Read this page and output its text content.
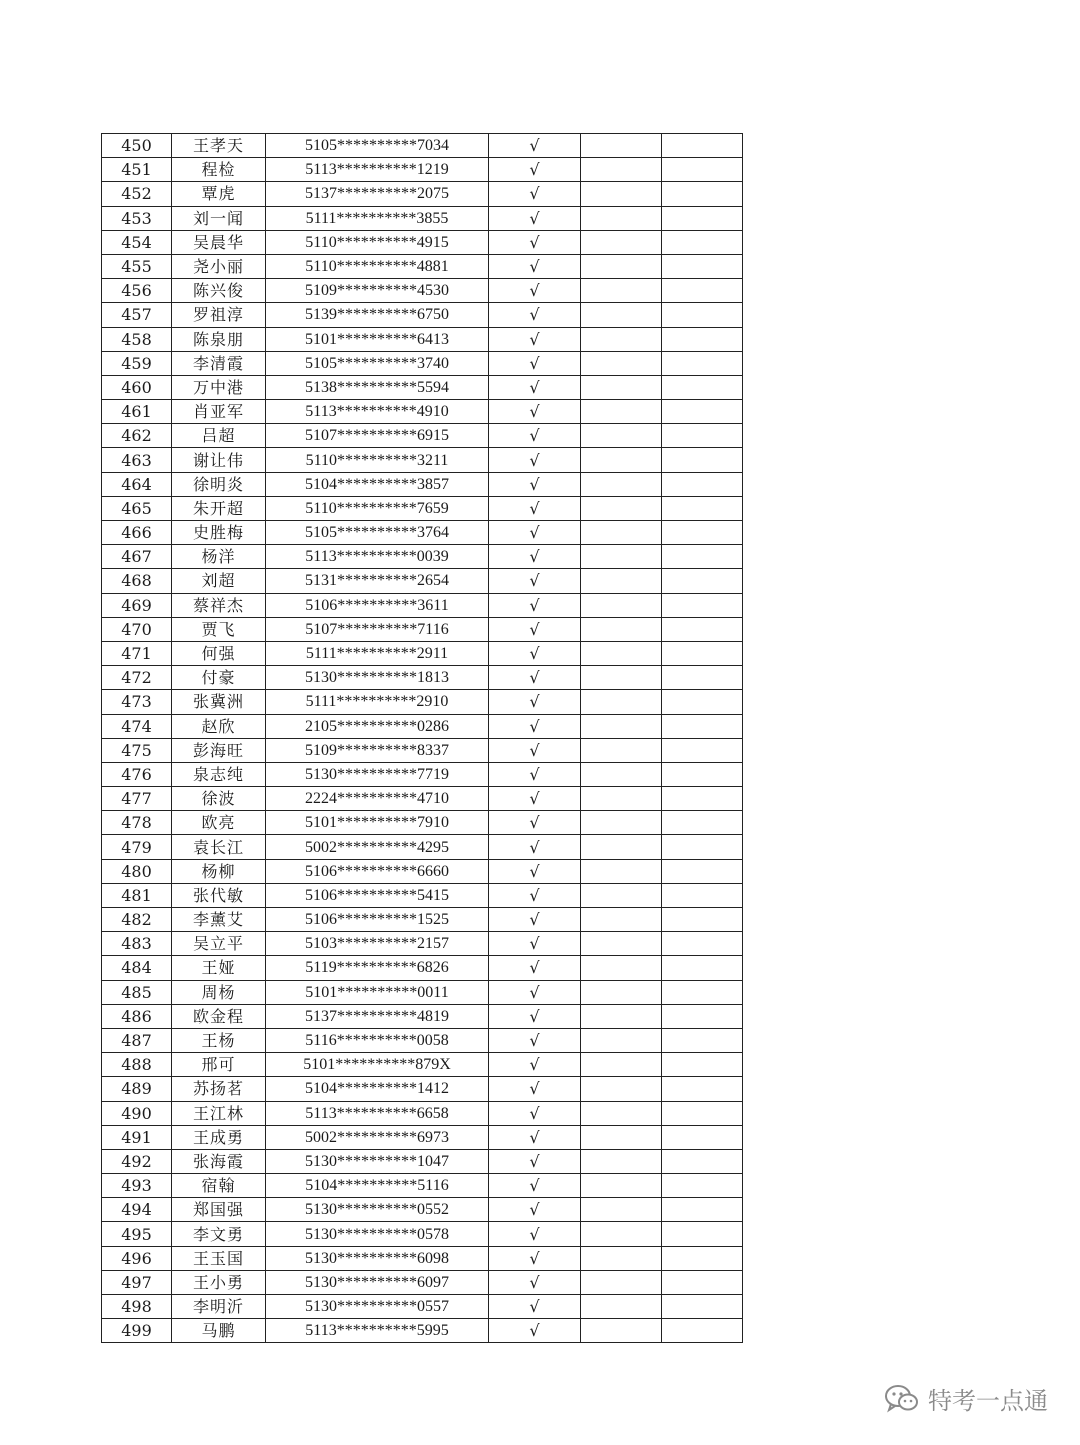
450	王孝天	5105**********7034	√		
451	程检	5113**********1219	√		
452	覃虎	5137**********2075	√		
453	刘一闻	5111**********3855	√		
454	吴晨华	5110**********4915	√		
455	尧小丽	5110**********4881	√		
456	陈兴俊	5109**********4530	√		
457	罗祖淳	5139**********6750	√		
458	陈泉朋	5101**********6413	√		
459	李清霞	5105**********3740	√		
460	万中港	5138**********5594	√		
461	肖亚军	5113**********4910	√		
462	吕超	5107**********6915	√		
463	谢让伟	5110**********3211	√		
464	徐明炎	5104**********3857	√		
465	朱开超	5110**********7659	√		
466	史胜梅	5105**********3764	√		
467	杨洋	5113**********0039	√		
468	刘超	5131**********2654	√		
469	蔡祥杰	5106**********3611	√		
470	贾飞	5107**********7116	√		
471	何强	5111**********2911	√		
472	付豪	5130**********1813	√		
473	张冀洲	5111**********2910	√		
474	赵欣	2105**********0286	√		
475	彭海旺	5109**********8337	√		
476	泉志纯	5130**********7719	√		
477	徐波	2224**********4710	√		
478	欧亮	5101**********7910	√		
479	袁长江	5002**********4295	√		
480	杨柳	5106**********6660	√		
481	张代敏	5106**********5415	√		
482	李薰艾	5106**********1525	√		
483	吴立平	5103**********2157	√		
484	王娅	5119**********6826	√		
485	周杨	5101**********0011	√		
486	欧金程	5137**********4819	√		
487	王杨	5116**********0058	√		
488	邢可	5101**********879X	√		
489	苏扬茗	5104**********1412	√		
490	王江林	5113**********6658	√		
491	王成勇	5002**********6973	√		
492	张海霞	5130**********1047	√		
493	宿翰	5104**********5116	√		
494	郑国强	5130**********0552	√		
495	李文勇	5130**********0578	√		
496	王玉国	5130**********6098	√		
497	王小勇	5130**********6097	√		
498	李明沂	5130**********0557	√		
499	马鹏	5113**********5995	√		
特考一点通
